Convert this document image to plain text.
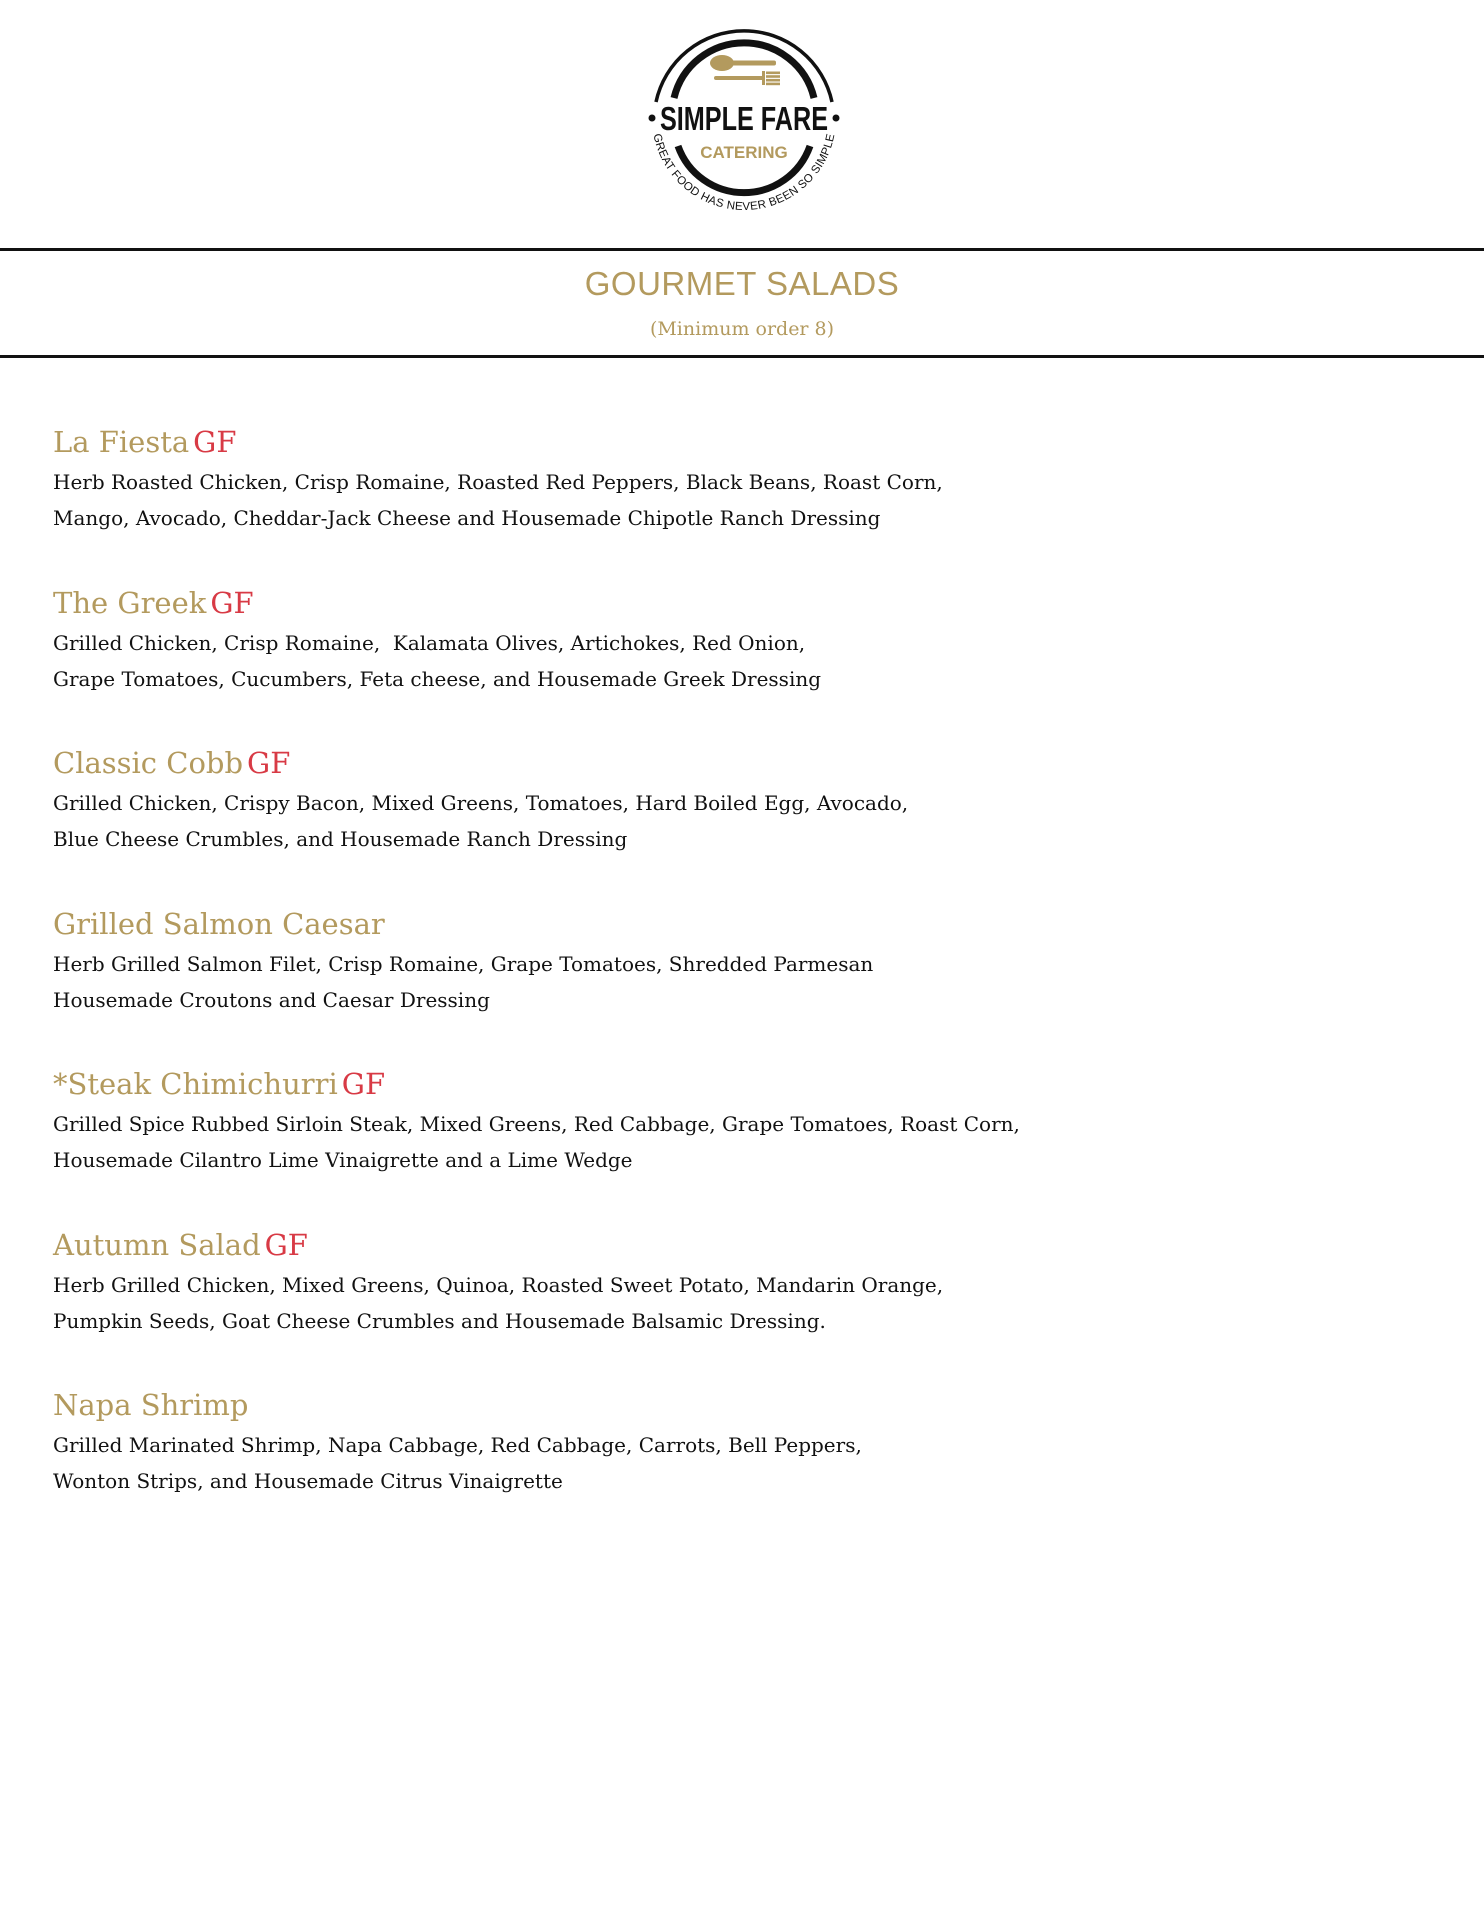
SIMPLE FARE
CATERING
GREAT FOOD HAS NEVER BEEN SO SIMPLE
GOURMET SALADS
(Minimum order 8)
La Fiesta GF
Herb Roasted Chicken, Crisp Romaine, Roasted Red Peppers, Black Beans, Roast Corn,
Mango, Avocado, Cheddar-Jack Cheese and Housemade Chipotle Ranch Dressing
The Greek GF
Grilled Chicken, Crisp Romaine,  Kalamata Olives, Artichokes, Red Onion,
Grape Tomatoes, Cucumbers, Feta cheese, and Housemade Greek Dressing
Classic Cobb GF
Grilled Chicken, Crispy Bacon, Mixed Greens, Tomatoes, Hard Boiled Egg, Avocado,
Blue Cheese Crumbles, and Housemade Ranch Dressing
Grilled Salmon Caesar
Herb Grilled Salmon Filet, Crisp Romaine, Grape Tomatoes, Shredded Parmesan
Housemade Croutons and Caesar Dressing
*Steak Chimichurri GF
Grilled Spice Rubbed Sirloin Steak, Mixed Greens, Red Cabbage, Grape Tomatoes, Roast Corn,
Housemade Cilantro Lime Vinaigrette and a Lime Wedge
Autumn Salad GF
Herb Grilled Chicken, Mixed Greens, Quinoa, Roasted Sweet Potato, Mandarin Orange,
Pumpkin Seeds, Goat Cheese Crumbles and Housemade Balsamic Dressing.
Napa Shrimp
Grilled Marinated Shrimp, Napa Cabbage, Red Cabbage, Carrots, Bell Peppers,
Wonton Strips, and Housemade Citrus Vinaigrette
